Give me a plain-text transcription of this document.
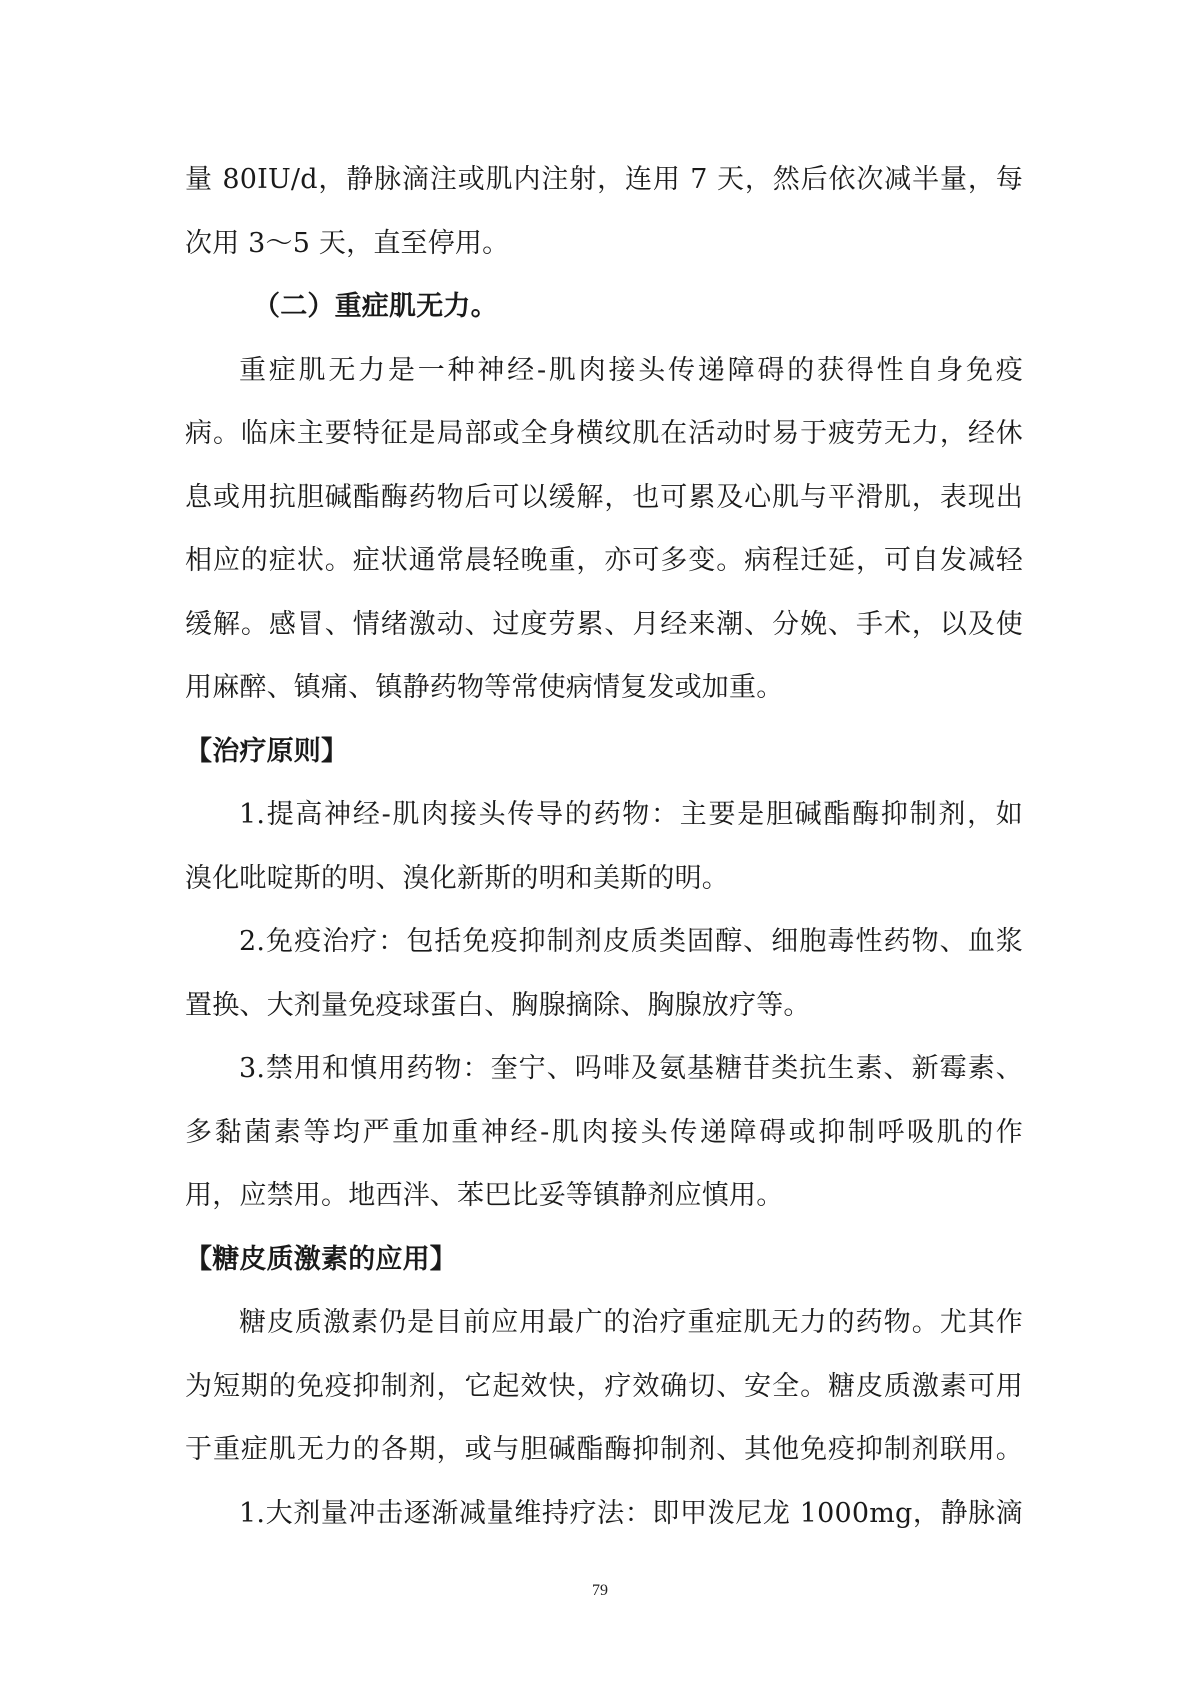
量 80IU/d，静脉滴注或肌内注射，连用 7 天，然后依次减半量，每

次用 3～5 天，直至停用。

（二）重症肌无力。

重症肌无力是一种神经-肌肉接头传递障碍的获得性自身免疫

病。临床主要特征是局部或全身横纹肌在活动时易于疲劳无力，经休

息或用抗胆碱酯酶药物后可以缓解，也可累及心肌与平滑肌，表现出

相应的症状。症状通常晨轻晚重，亦可多变。病程迁延，可自发减轻

缓解。感冒、情绪激动、过度劳累、月经来潮、分娩、手术，以及使

用麻醉、镇痛、镇静药物等常使病情复发或加重。

【治疗原则】

1.提高神经-肌肉接头传导的药物：主要是胆碱酯酶抑制剂，如

溴化吡啶斯的明、溴化新斯的明和美斯的明。

2.免疫治疗：包括免疫抑制剂皮质类固醇、细胞毒性药物、血浆

置换、大剂量免疫球蛋白、胸腺摘除、胸腺放疗等。

3.禁用和慎用药物：奎宁、吗啡及氨基糖苷类抗生素、新霉素、

多黏菌素等均严重加重神经-肌肉接头传递障碍或抑制呼吸肌的作

用，应禁用。地西泮、苯巴比妥等镇静剂应慎用。

【糖皮质激素的应用】

糖皮质激素仍是目前应用最广的治疗重症肌无力的药物。尤其作

为短期的免疫抑制剂，它起效快，疗效确切、安全。糖皮质激素可用

于重症肌无力的各期，或与胆碱酯酶抑制剂、其他免疫抑制剂联用。

1.大剂量冲击逐渐减量维持疗法：即甲泼尼龙 1000mg，静脉滴

79
